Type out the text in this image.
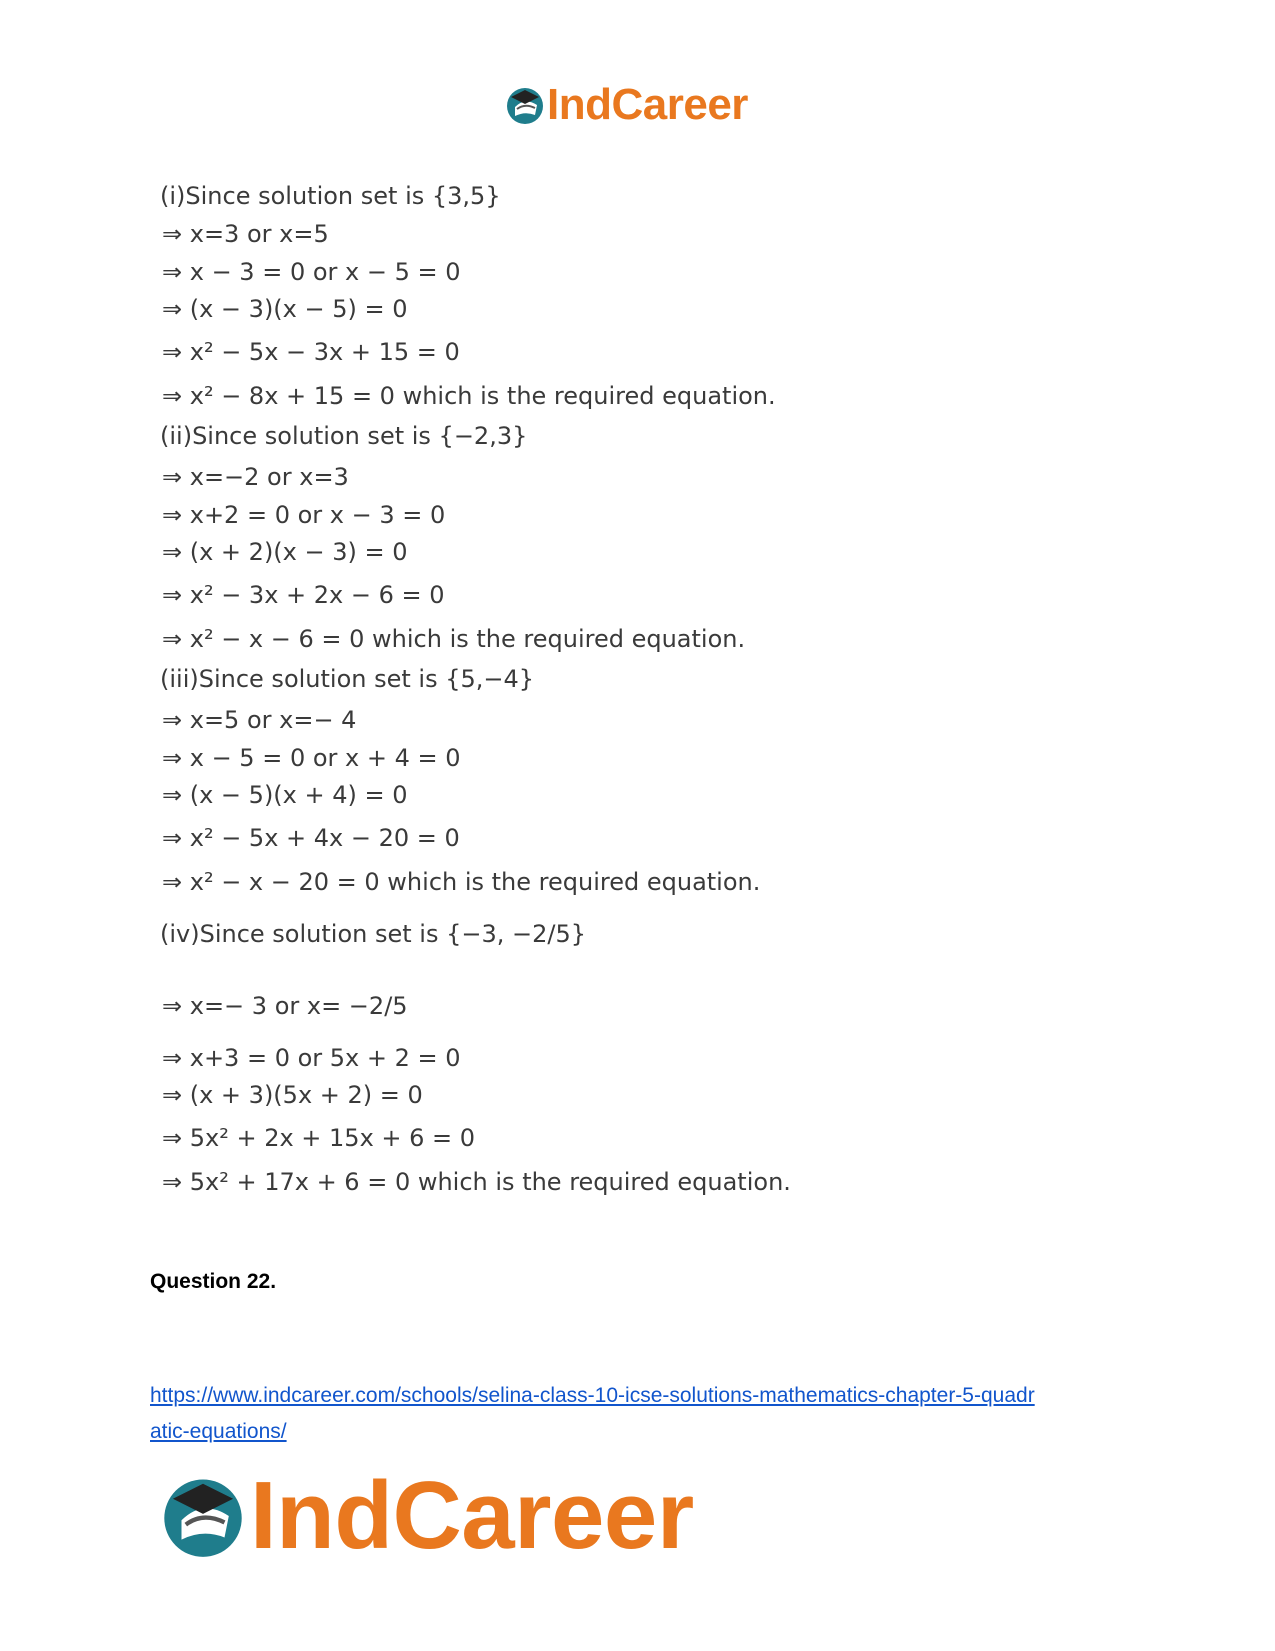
IndCareer
(i)Since solution set is {3,5}
⇒ x=3 or x=5
⇒ x − 3 = 0 or x − 5 = 0
⇒ (x − 3)(x − 5) = 0
⇒ x² − 5x − 3x + 15 = 0
⇒ x² − 8x + 15 = 0 which is the required equation.
(ii)Since solution set is {−2,3}
⇒ x=−2 or x=3
⇒ x+2 = 0 or x − 3 = 0
⇒ (x + 2)(x − 3) = 0
⇒ x² − 3x + 2x − 6 = 0
⇒ x² − x − 6 = 0 which is the required equation.
(iii)Since solution set is {5,−4}
⇒ x=5 or x=− 4
⇒ x − 5 = 0 or x + 4 = 0
⇒ (x − 5)(x + 4) = 0
⇒ x² − 5x + 4x − 20 = 0
⇒ x² − x − 20 = 0 which is the required equation.
(iv)Since solution set is {−3, −2/5}
⇒ x=− 3 or x= −2/5
⇒ x+3 = 0 or 5x + 2 = 0
⇒ (x + 3)(5x + 2) = 0
⇒ 5x² + 2x + 15x + 6 = 0
⇒ 5x² + 17x + 6 = 0 which is the required equation.
Question 22.
https://www.indcareer.com/schools/selina-class-10-icse-solutions-mathematics-chapter-5-quadr
atic-equations/
IndCareer
